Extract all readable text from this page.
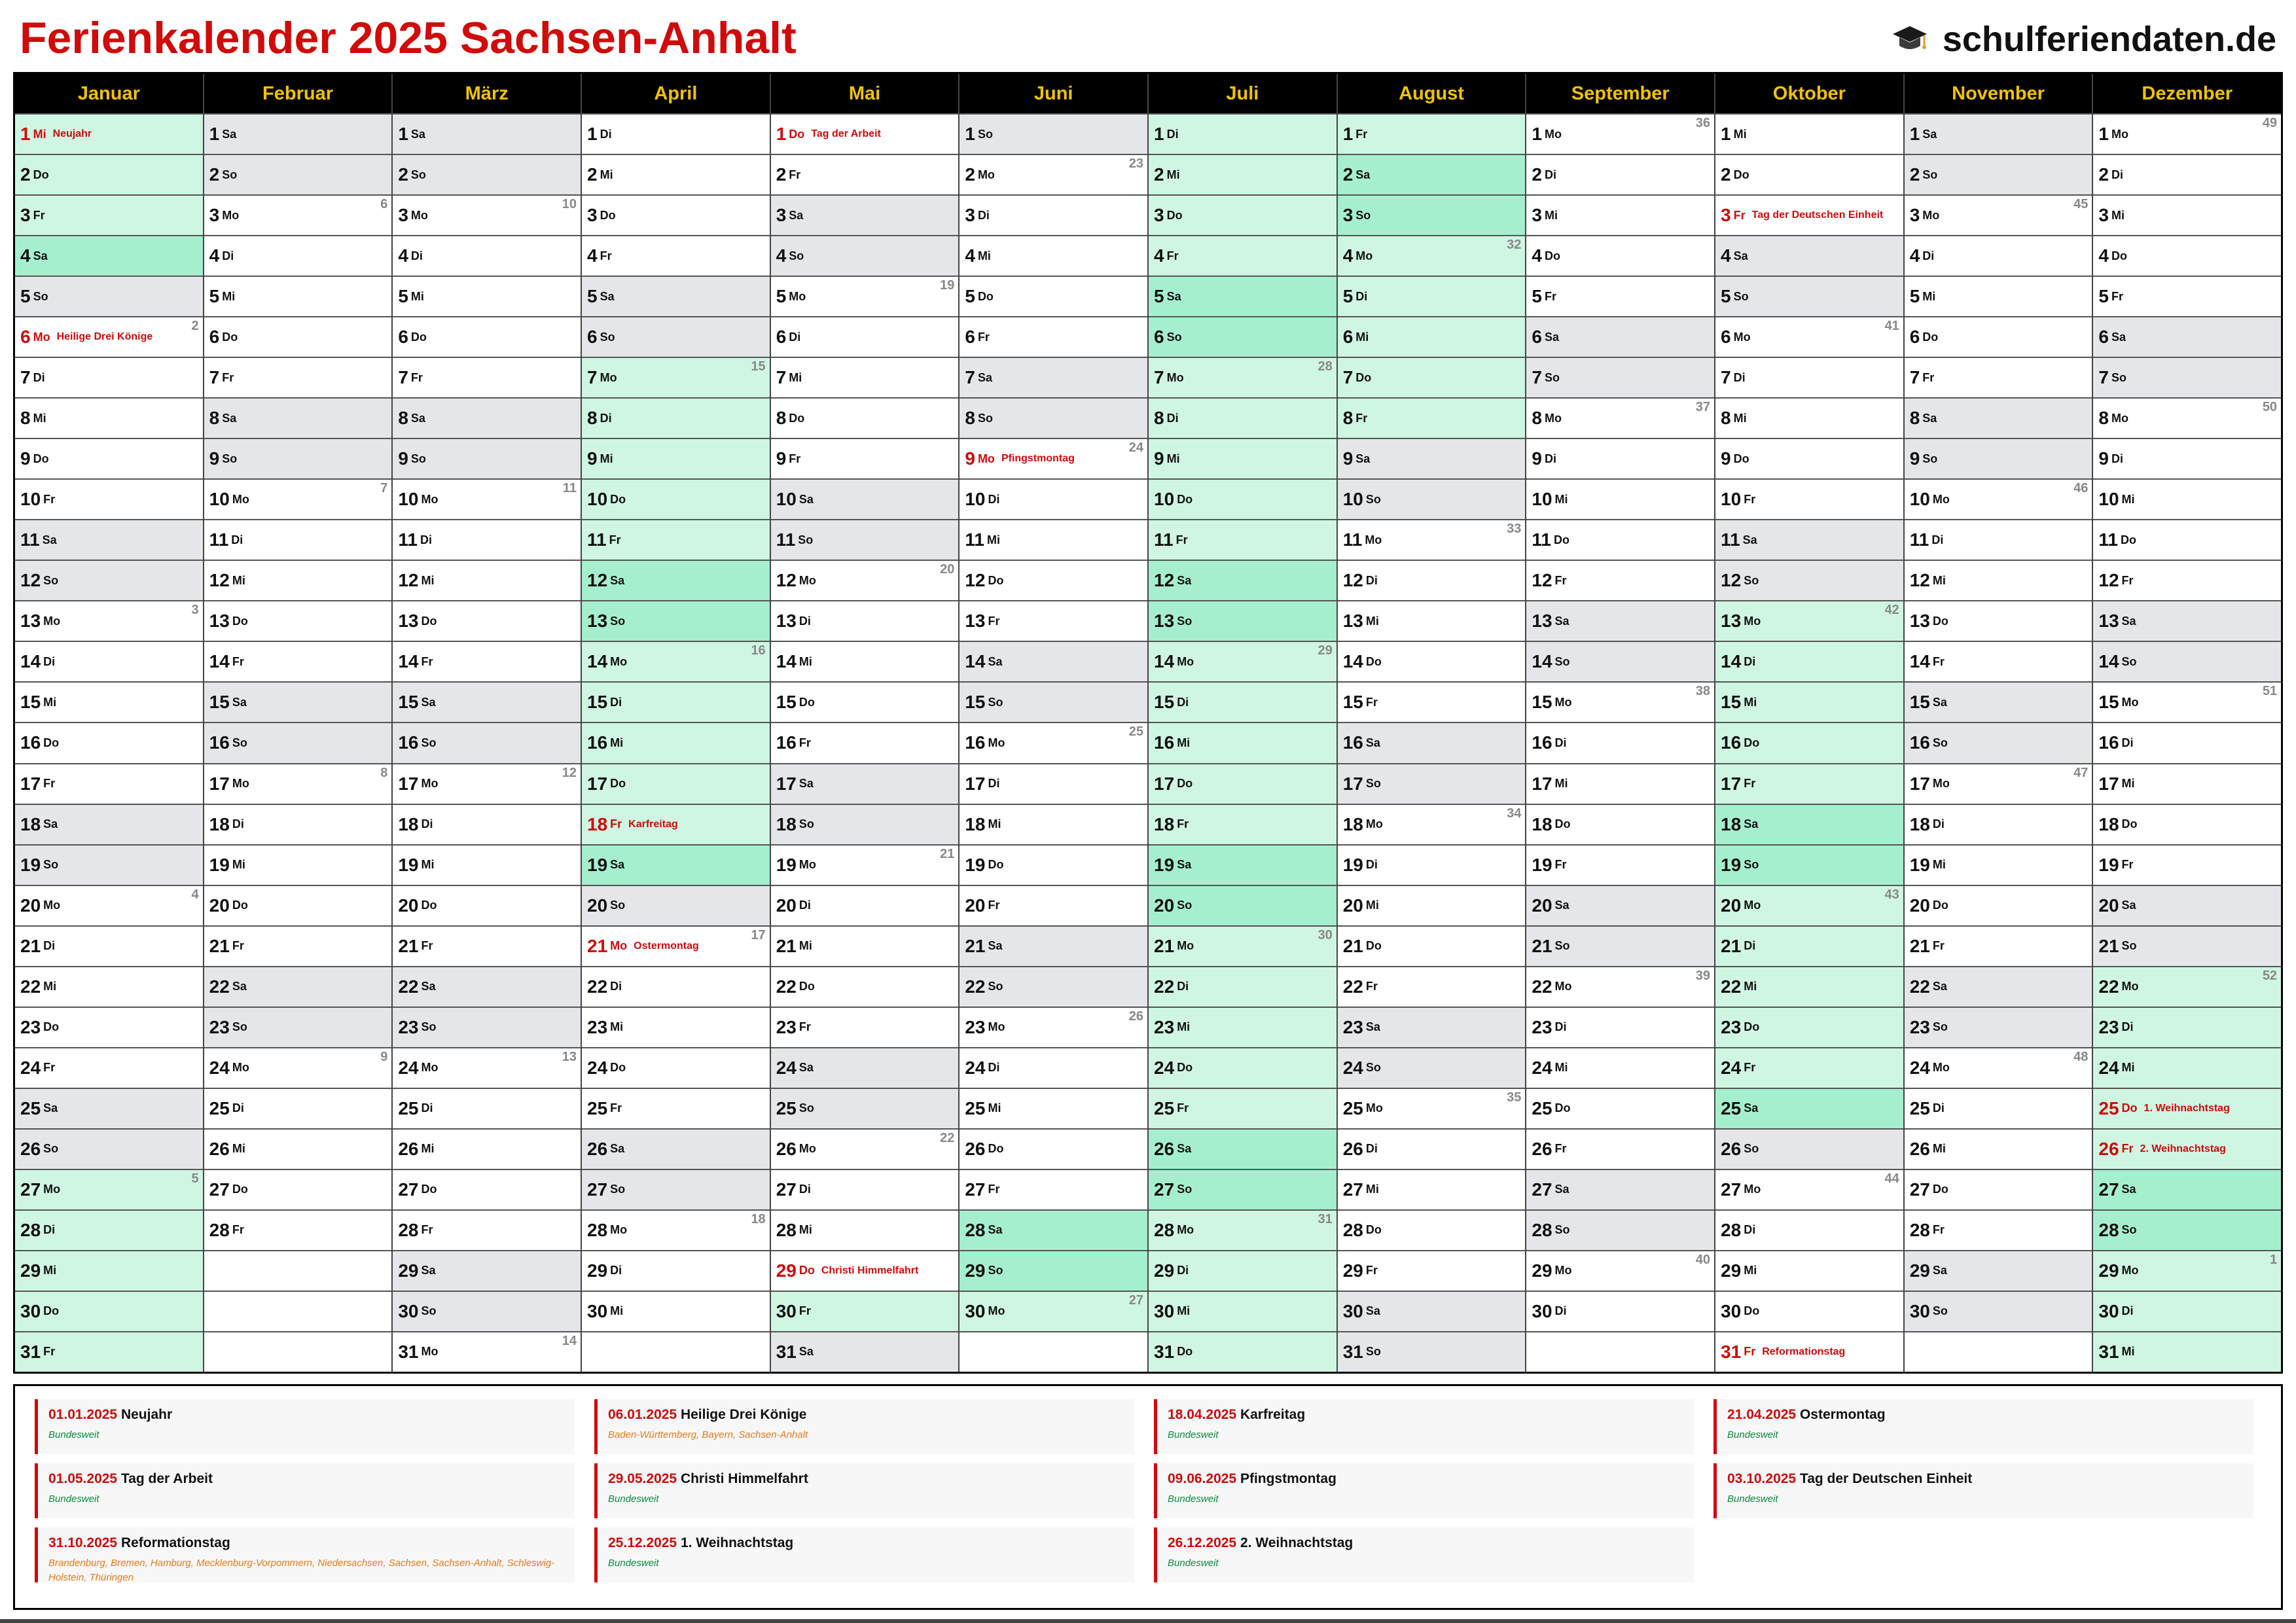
Ferienkalender 2025 Sachsen-Anhalt	schulferiendaten.de
Januar
1 Mi Neujahr
2 Do
3 Fr
4 Sa
5 So
6 Mo Heilige Drei Könige
2
7 Di
8 Mi
9 Do
10 Fr
11 Sa
12 So
13 Mo
3
14 Di
15 Mi
16 Do
17 Fr
18 Sa
19 So
20 Mo
4
21 Di
22 Mi
23 Do
24 Fr
25 Sa
26 So
27 Mo
5
28 Di
29 Mi
30 Do
31 Fr
Februar
1 Sa
2 So
3 Mo
6
4 Di
5 Mi
6 Do
7 Fr
8 Sa
9 So
10 Mo
7
11 Di
12 Mi
13 Do
14 Fr
15 Sa
16 So
17 Mo
8
18 Di
19 Mi
20 Do
21 Fr
22 Sa
23 So
24 Mo
9
25 Di
26 Mi
27 Do
28 Fr
März
1 Sa
2 So
3 Mo
10
4 Di
5 Mi
6 Do
7 Fr
8 Sa
9 So
10 Mo
11
11 Di
12 Mi
13 Do
14 Fr
15 Sa
16 So
17 Mo
12
18 Di
19 Mi
20 Do
21 Fr
22 Sa
23 So
24 Mo
13
25 Di
26 Mi
27 Do
28 Fr
29 Sa
30 So
31 Mo
14
April
1 Di
2 Mi
3 Do
4 Fr
5 Sa
6 So
7 Mo
15
8 Di
9 Mi
10 Do
11 Fr
12 Sa
13 So
14 Mo
16
15 Di
16 Mi
17 Do
18 Fr Karfreitag
19 Sa
20 So
21 Mo Ostermontag
17
22 Di
23 Mi
24 Do
25 Fr
26 Sa
27 So
28 Mo
18
29 Di
30 Mi
Mai
1 Do Tag der Arbeit
2 Fr
3 Sa
4 So
5 Mo
19
6 Di
7 Mi
8 Do
9 Fr
10 Sa
11 So
12 Mo
20
13 Di
14 Mi
15 Do
16 Fr
17 Sa
18 So
19 Mo
21
20 Di
21 Mi
22 Do
23 Fr
24 Sa
25 So
26 Mo
22
27 Di
28 Mi
29 Do Christi Himmelfahrt
30 Fr
31 Sa
Juni
1 So
2 Mo
23
3 Di
4 Mi
5 Do
6 Fr
7 Sa
8 So
9 Mo Pfingstmontag
24
10 Di
11 Mi
12 Do
13 Fr
14 Sa
15 So
16 Mo
25
17 Di
18 Mi
19 Do
20 Fr
21 Sa
22 So
23 Mo
26
24 Di
25 Mi
26 Do
27 Fr
28 Sa
29 So
30 Mo
27
Juli
1 Di
2 Mi
3 Do
4 Fr
5 Sa
6 So
7 Mo
28
8 Di
9 Mi
10 Do
11 Fr
12 Sa
13 So
14 Mo
29
15 Di
16 Mi
17 Do
18 Fr
19 Sa
20 So
21 Mo
30
22 Di
23 Mi
24 Do
25 Fr
26 Sa
27 So
28 Mo
31
29 Di
30 Mi
31 Do
August
1 Fr
2 Sa
3 So
4 Mo
32
5 Di
6 Mi
7 Do
8 Fr
9 Sa
10 So
11 Mo
33
12 Di
13 Mi
14 Do
15 Fr
16 Sa
17 So
18 Mo
34
19 Di
20 Mi
21 Do
22 Fr
23 Sa
24 So
25 Mo
35
26 Di
27 Mi
28 Do
29 Fr
30 Sa
31 So
September
1 Mo
36
2 Di
3 Mi
4 Do
5 Fr
6 Sa
7 So
8 Mo
37
9 Di
10 Mi
11 Do
12 Fr
13 Sa
14 So
15 Mo
38
16 Di
17 Mi
18 Do
19 Fr
20 Sa
21 So
22 Mo
39
23 Di
24 Mi
25 Do
26 Fr
27 Sa
28 So
29 Mo
40
30 Di
Oktober
1 Mi
2 Do
3 Fr Tag der Deutschen Einheit
4 Sa
5 So
6 Mo
41
7 Di
8 Mi
9 Do
10 Fr
11 Sa
12 So
13 Mo
42
14 Di
15 Mi
16 Do
17 Fr
18 Sa
19 So
20 Mo
43
21 Di
22 Mi
23 Do
24 Fr
25 Sa
26 So
27 Mo
44
28 Di
29 Mi
30 Do
31 Fr Reformationstag
November
1 Sa
2 So
3 Mo
45
4 Di
5 Mi
6 Do
7 Fr
8 Sa
9 So
10 Mo
46
11 Di
12 Mi
13 Do
14 Fr
15 Sa
16 So
17 Mo
47
18 Di
19 Mi
20 Do
21 Fr
22 Sa
23 So
24 Mo
48
25 Di
26 Mi
27 Do
28 Fr
29 Sa
30 So
Dezember
1 Mo
49
2 Di
3 Mi
4 Do
5 Fr
6 Sa
7 So
8 Mo
50
9 Di
10 Mi
11 Do
12 Fr
13 Sa
14 So
15 Mo
51
16 Di
17 Mi
18 Do
19 Fr
20 Sa
21 So
22 Mo
52
23 Di
24 Mi
25 Do 1. Weihnachtstag
26 Fr 2. Weihnachtstag
27 Sa
28 So
29 Mo
1
30 Di
31 Mi
01.01.2025 Neujahr
Bundesweit
06.01.2025 Heilige Drei Könige
Baden-Württemberg, Bayern, Sachsen-Anhalt
18.04.2025 Karfreitag
Bundesweit
21.04.2025 Ostermontag
Bundesweit
01.05.2025 Tag der Arbeit
Bundesweit
29.05.2025 Christi Himmelfahrt
Bundesweit
09.06.2025 Pfingstmontag
Bundesweit
03.10.2025 Tag der Deutschen Einheit
Bundesweit
31.10.2025 Reformationstag
Brandenburg, Bremen, Hamburg, Mecklenburg-Vorpommern, Niedersachsen, Sachsen, Sachsen-Anhalt, Schleswig-Holstein, Thüringen
25.12.2025 1. Weihnachtstag
Bundesweit
26.12.2025 2. Weihnachtstag
Bundesweit
